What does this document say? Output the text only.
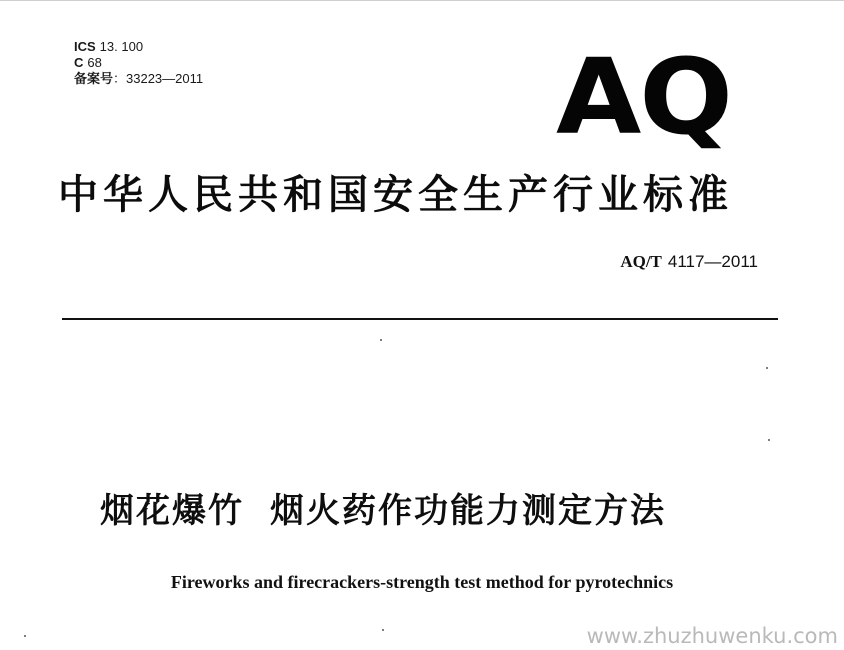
ICS 13. 100
C 68
备案号：33223—2011	AQ
中华人民共和国安全生产行业标准
AQ/T 4117—2011
烟花爆竹 烟火药作功能力测定方法
Fireworks and firecrackers-strength test method for pyrotechnics
www.zhuzhuwenku.com
